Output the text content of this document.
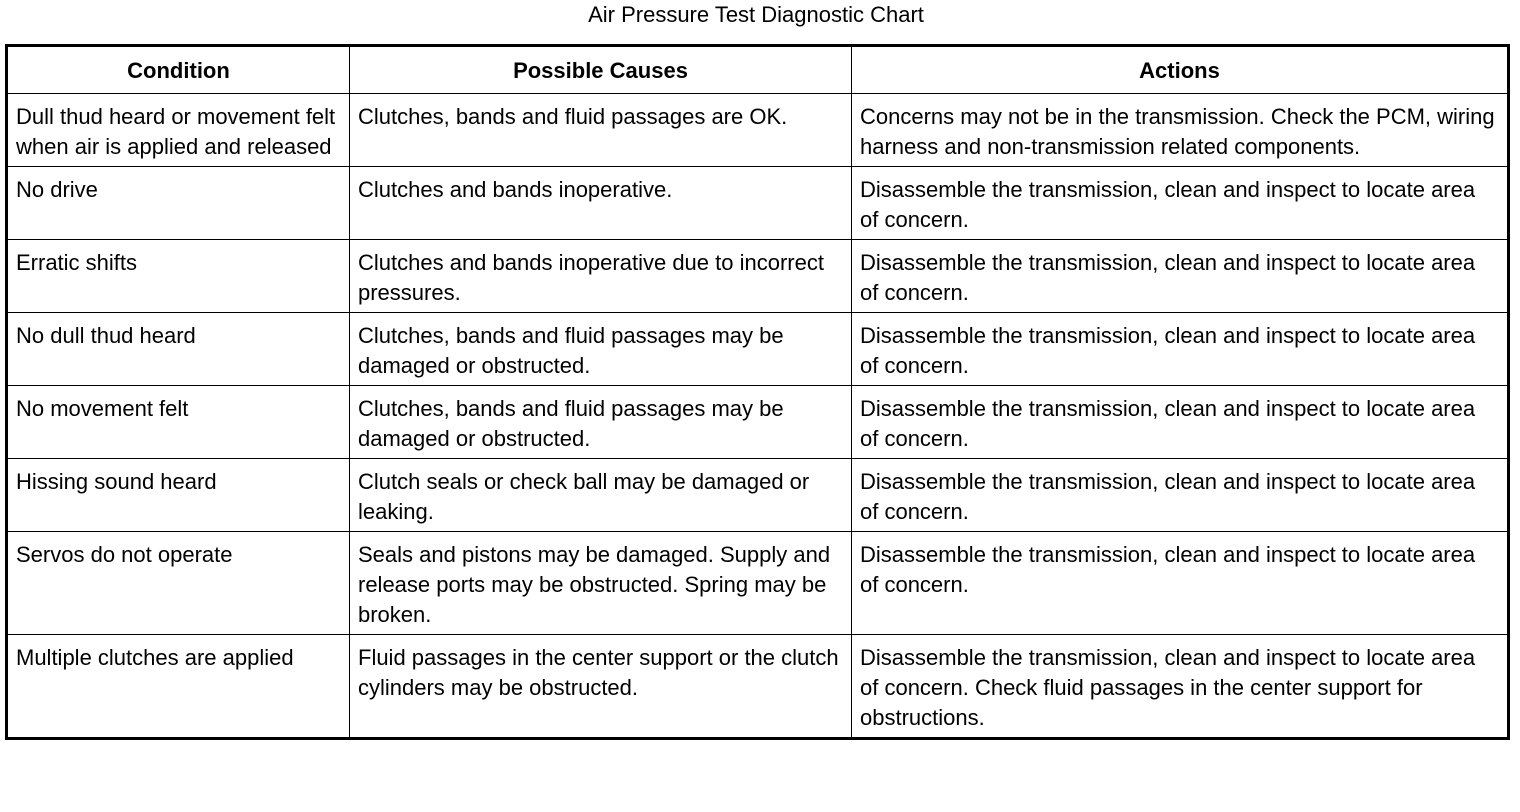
Air Pressure Test Diagnostic Chart
Condition	Possible Causes	Actions
Dull thud heard or movement felt when air is applied and released	Clutches, bands and fluid passages are OK.	Concerns may not be in the transmission. Check the PCM, wiring harness and non-transmission related components.
No drive	Clutches and bands inoperative.	Disassemble the transmission, clean and inspect to locate area of concern.
Erratic shifts	Clutches and bands inoperative due to incorrect pressures.	Disassemble the transmission, clean and inspect to locate area of concern.
No dull thud heard	Clutches, bands and fluid passages may be damaged or obstructed.	Disassemble the transmission, clean and inspect to locate area of concern.
No movement felt	Clutches, bands and fluid passages may be damaged or obstructed.	Disassemble the transmission, clean and inspect to locate area of concern.
Hissing sound heard	Clutch seals or check ball may be damaged or leaking.	Disassemble the transmission, clean and inspect to locate area of concern.
Servos do not operate	Seals and pistons may be damaged. Supply and release ports may be obstructed. Spring may be broken.	Disassemble the transmission, clean and inspect to locate area of concern.
Multiple clutches are applied	Fluid passages in the center support or the clutch cylinders may be obstructed.	Disassemble the transmission, clean and inspect to locate area of concern. Check fluid passages in the center support for obstructions.
